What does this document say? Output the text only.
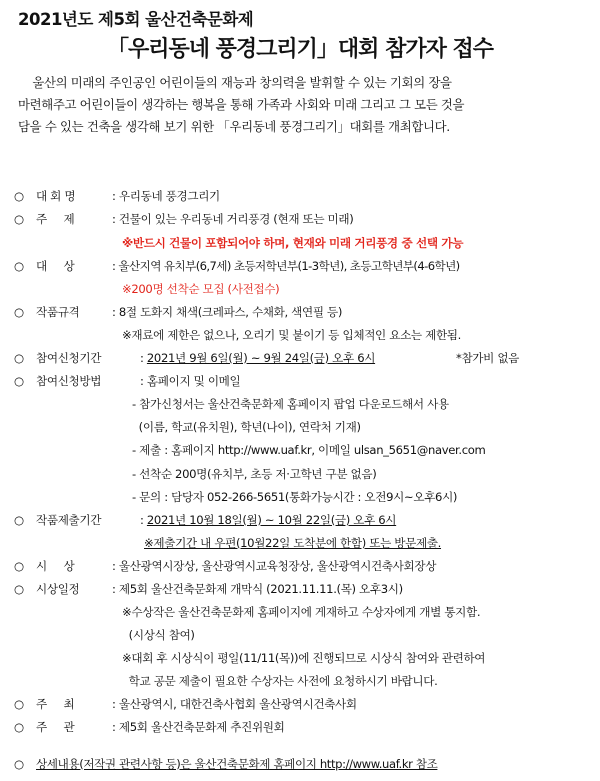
2021년도 제5회 울산건축문화제
「우리동네 풍경그리기」대회 참가자 접수
울산의 미래의 주인공인 어린이들의 재능과 창의력을 발휘할 수 있는 기회의 장을
마련해주고 어린이들이 생각하는 행복을 통해 가족과 사회와 미래 그리고 그 모든 것을
담을 수 있는 건축을 생각해 보기 위한 「우리동네 풍경그리기」대회를 개최합니다.
○	대 회 명	: 우리동네 풍경그리기
○	주     제	: 건물이 있는 우리동네 거리풍경 (현재 또는 미래)
※반드시 건물이 포함되어야 하며, 현재와 미래 거리풍경 중 선택 가능
○	대     상	: 울산지역 유치부(6,7세) 초등저학년부(1-3학년), 초등고학년부(4-6학년)
※200명 선착순 모집 (사전접수)
○	작품규격	: 8절 도화지 채색(크레파스, 수채화, 색연필 등)
※재료에 제한은 없으나, 오리기 및 붙이기 등 입체적인 요소는 제한됨.
○	참여신청기간	: 2021년 9월 6일(월) ~ 9월 24일(금) 오후 6시	*참가비 없음
○	참여신청방법	: 홈페이지 및 이메일
- 참가신청서는 울산건축문화제 홈페이지 팝업 다운로드해서 사용
(이름, 학교(유치원), 학년(나이), 연락처 기재)
- 제출 : 홈페이지 http://www.uaf.kr, 이메일 ulsan_5651@naver.com
- 선착순 200명(유치부, 초등 저·고학년 구분 없음)
- 문의 : 담당자 052-266-5651(통화가능시간 : 오전9시~오후6시)
○	작품제출기간	: 2021년 10월 18일(월) ~ 10월 22일(금) 오후 6시
※제출기간 내 우편(10월22일 도착분에 한함) 또는 방문제출.
○	시     상	: 울산광역시장상, 울산광역시교육청장상, 울산광역시건축사회장상
○	시상일정	: 제5회 울산건축문화제 개막식 (2021.11.11.(목) 오후3시)
※수상작은 울산건축문화제 홈페이지에 게재하고 수상자에게 개별 통지함.
(시상식 참여)
※대회 후 시상식이 평일(11/11(목))에 진행되므로 시상식 참여와 관련하여
학교 공문 제출이 필요한 수상자는 사전에 요청하시기 바랍니다.
○	주     최	: 울산광역시, 대한건축사협회 울산광역시건축사회
○	주     관	: 제5회 울산건축문화제 추진위원회
○	상세내용(저작권 관련사항 등)은 울산건축문화제 홈페이지 http://www.uaf.kr 참조
